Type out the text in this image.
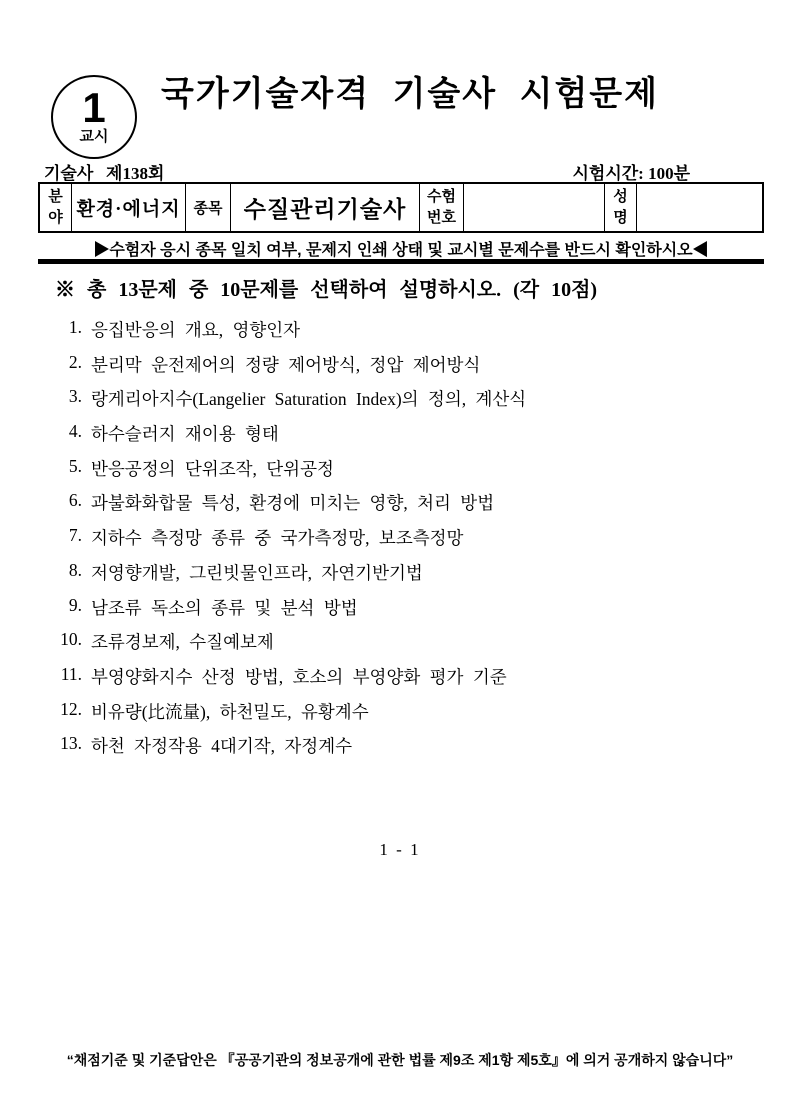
1
교시
국가기술자격 기술사 시험문제
기술사   제138회	시험시간: 100분
분야 환경·에너지 종목 수질관리기술사	수험번호
성명
▶수험자 응시 종목 일치 여부, 문제지 인쇄 상태 및 교시별 문제수를 반드시 확인하시오◀
※ 총 13문제 중 10문제를 선택하여 설명하시오. (각 10점)
1. 응집반응의 개요, 영향인자
2. 분리막 운전제어의 정량 제어방식, 정압 제어방식
3. 랑게리아지수(Langelier Saturation Index)의 정의, 계산식
4. 하수슬러지 재이용 형태
5. 반응공정의 단위조작, 단위공정
6. 과불화화합물 특성, 환경에 미치는 영향, 처리 방법
7. 지하수 측정망 종류 중 국가측정망, 보조측정망
8. 저영향개발, 그린빗물인프라, 자연기반기법
9. 남조류 독소의 종류 및 분석 방법
10. 조류경보제, 수질예보제
11. 부영양화지수 산정 방법, 호소의 부영양화 평가 기준
12. 비유량(比流量), 하천밀도, 유황계수
13. 하천 자정작용 4대기작, 자정계수
1 - 1
“채점기준 및 기준답안은 『공공기관의 정보공개에 관한 법률 제9조 제1항 제5호』에 의거 공개하지 않습니다”
